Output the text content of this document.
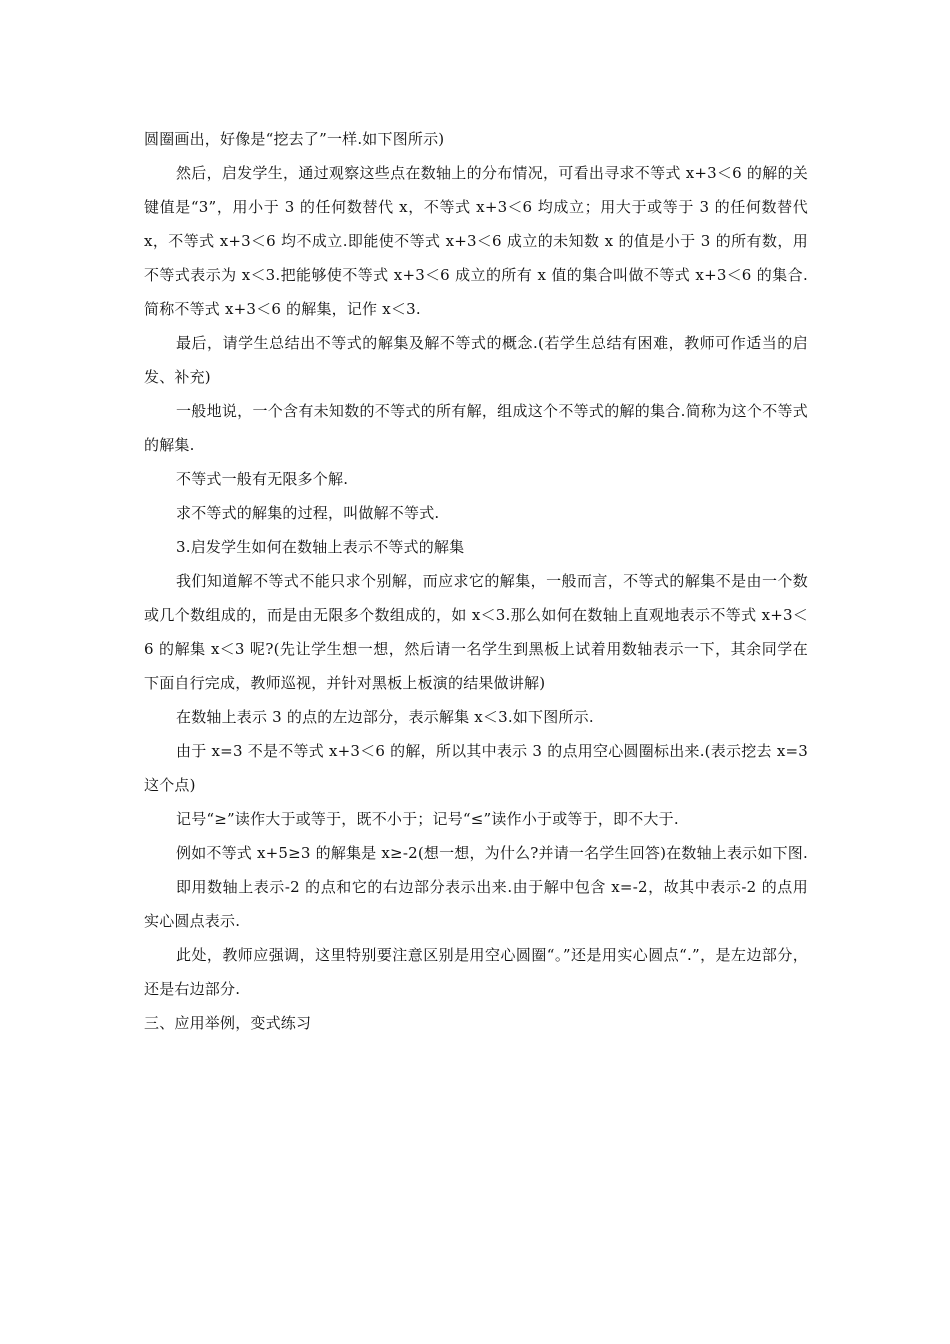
圆圈画出，好像是“挖去了”一样.如下图所示)

然后，启发学生，通过观察这些点在数轴上的分布情况，可看出寻求不等式 x+3＜6 的解的关键值是“3”，用小于 3 的任何数替代 x，不等式 x+3＜6 均成立；用大于或等于 3 的任何数替代 x，不等式 x+3＜6 均不成立.即能使不等式 x+3＜6 成立的未知数 x 的值是小于 3 的所有数，用不等式表示为 x＜3.把能够使不等式 x+3＜6 成立的所有 x 值的集合叫做不等式 x+3＜6 的集合.简称不等式 x+3＜6 的解集，记作 x＜3.

最后，请学生总结出不等式的解集及解不等式的概念.(若学生总结有困难，教师可作适当的启发、补充)

一般地说，一个含有未知数的不等式的所有解，组成这个不等式的解的集合.简称为这个不等式的解集.

不等式一般有无限多个解.

求不等式的解集的过程，叫做解不等式.

3.启发学生如何在数轴上表示不等式的解集

我们知道解不等式不能只求个别解，而应求它的解集，一般而言，不等式的解集不是由一个数或几个数组成的，而是由无限多个数组成的，如 x＜3.那么如何在数轴上直观地表示不等式 x+3＜6 的解集 x＜3 呢?(先让学生想一想，然后请一名学生到黑板上试着用数轴表示一下，其余同学在下面自行完成，教师巡视，并针对黑板上板演的结果做讲解)

在数轴上表示 3 的点的左边部分，表示解集 x＜3.如下图所示.

由于 x=3 不是不等式 x+3＜6 的解，所以其中表示 3 的点用空心圆圈标出来.(表示挖去 x=3 这个点)

记号“≥”读作大于或等于，既不小于；记号“≤”读作小于或等于，即不大于.

例如不等式 x+5≥3 的解集是 x≥-2(想一想，为什么?并请一名学生回答)在数轴上表示如下图.

即用数轴上表示-2 的点和它的右边部分表示出来.由于解中包含 x=-2，故其中表示-2 的点用实心圆点表示.

此处，教师应强调，这里特别要注意区别是用空心圆圈“。”还是用实心圆点“.”，是左边部分，还是右边部分.

三、应用举例，变式练习
